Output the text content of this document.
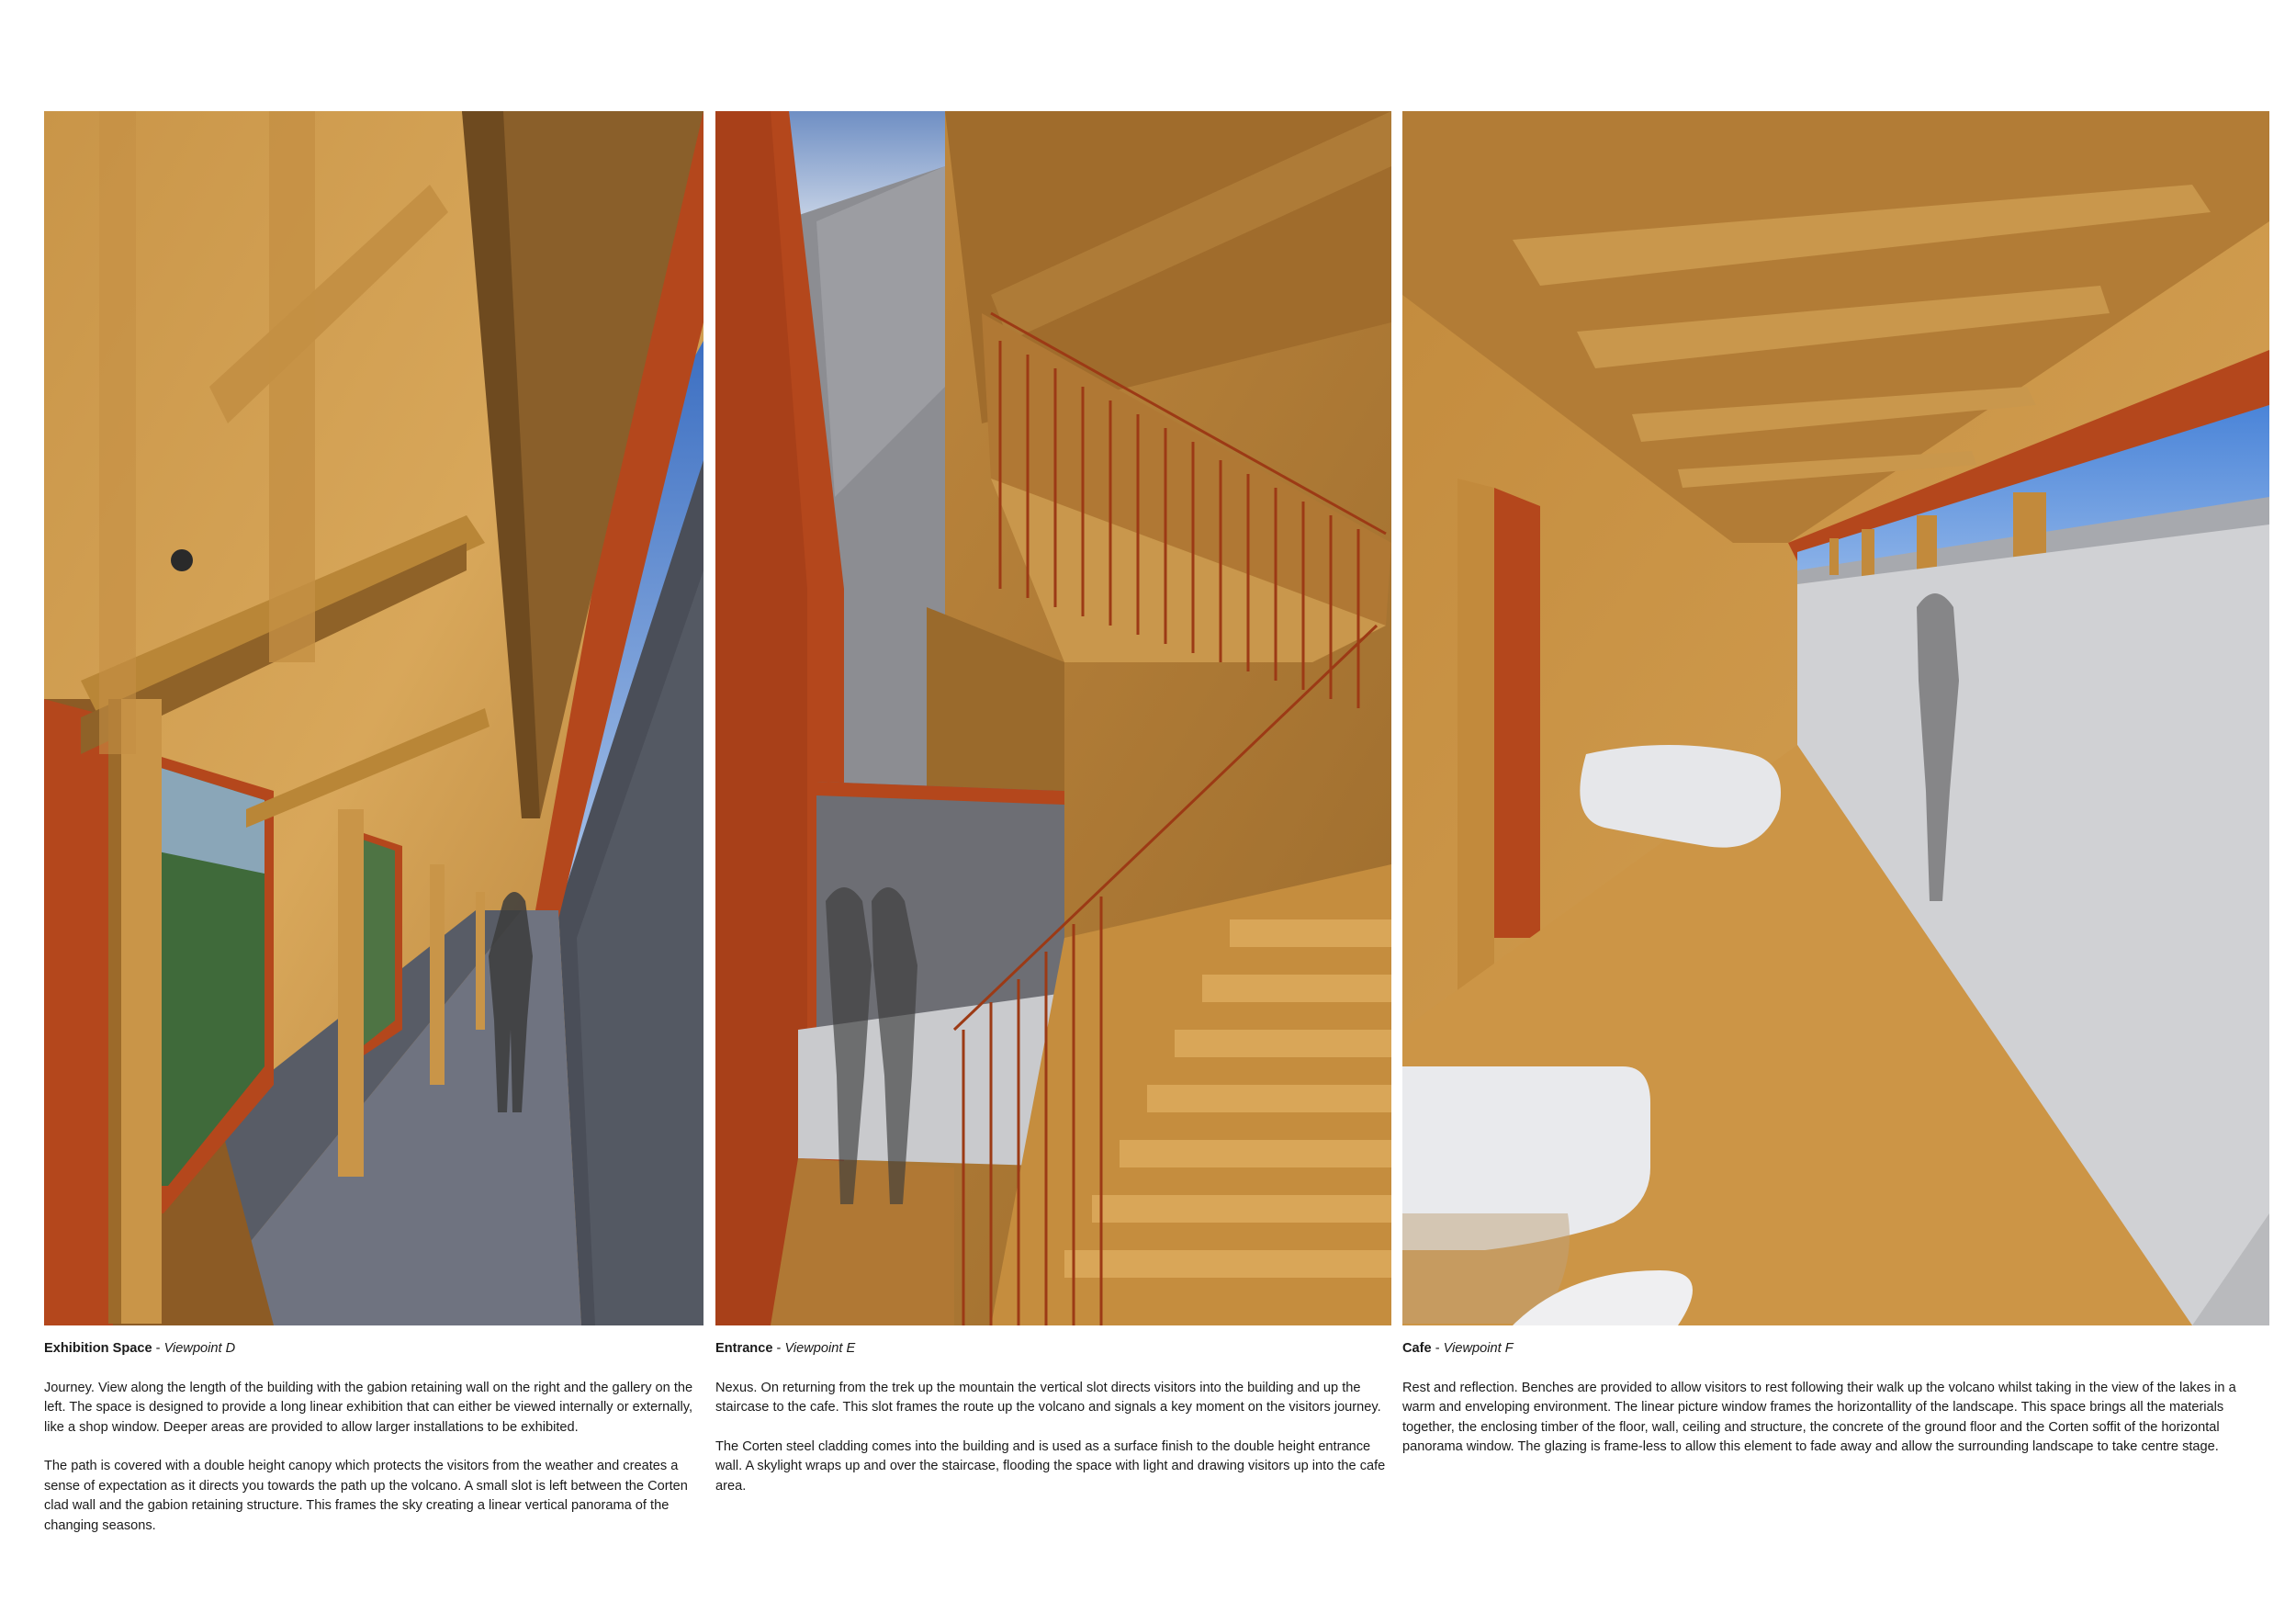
Exhibition Space - Viewpoint D

Journey. View along the length of the building with the gabion retaining wall on the right and the gallery on the left. The space is designed to provide a long linear exhibition that can either be viewed internally or externally, like a shop window. Deeper areas are provided to allow larger installations to be exhibited.

The path is covered with a double height canopy which protects the visitors from the weather and creates a sense of expectation as it directs you towards the path up the volcano. A small slot is left between the Corten clad wall and the gabion retaining structure. This frames the sky creating a linear vertical panorama of the changing seasons.

Entrance - Viewpoint E

Nexus. On returning from the trek up the mountain the vertical slot directs visitors into the building and up the staircase to the cafe. This slot frames the route up the volcano and signals a key moment on the visitors journey.

The Corten steel cladding comes into the building and is used as a surface finish to the double height entrance wall. A skylight wraps up and over the staircase, flooding the space with light and drawing visitors up into the cafe area.

Cafe - Viewpoint F

Rest and reflection. Benches are provided to allow visitors to rest following their walk up the volcano whilst taking in the view of the lakes in a warm and enveloping environment. The linear picture window frames the horizontallity of the landscape. This space brings all the materials together, the enclosing timber of the floor, wall, ceiling and structure, the concrete of the ground floor and the Corten soffit of the horizontal panorama window. The glazing is frame-less to allow this element to fade away and allow the surrounding landscape to take centre stage.
